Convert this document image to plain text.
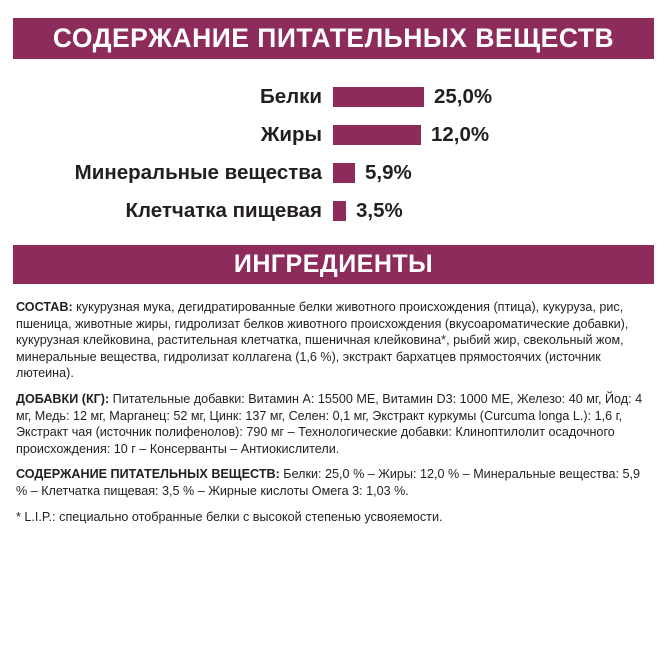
СОДЕРЖАНИЕ ПИТАТЕЛЬНЫХ ВЕЩЕСТВ
Белки	25,0%
Жиры	12,0%
Минеральные вещества	5,9%
Клетчатка пищевая	3,5%
ИНГРЕДИЕНТЫ
СОСТАВ: кукурузная мука, дегидратированные белки животного происхождения (птица), кукуруза, рис, пшеница, животные жиры, гидролизат белков животного происхождения (вкусоароматические добавки), кукурузная клейковина, растительная клетчатка, пшеничная клейковина*, рыбий жир, свекольный жом, минеральные вещества, гидролизат коллагена (1,6 %), экстракт бархатцев прямостоячих (источник лютеина).
ДОБАВКИ (КГ): Питательные добавки: Витамин А: 15500 МЕ, Витамин D3: 1000 МЕ, Железо: 40 мг, Йод: 4 мг, Медь: 12 мг, Марганец: 52 мг, Цинк: 137 мг, Селен: 0,1 мг, Экстракт куркумы (Curcuma longa L.): 1,6 г, Экстракт чая (источник полифенолов): 790 мг – Технологические добавки: Клиноптилолит осадочного происхождения: 10 г – Консерванты – Антиокислители.
СОДЕРЖАНИЕ ПИТАТЕЛЬНЫХ ВЕЩЕСТВ: Белки: 25,0 % – Жиры: 12,0 % – Минеральные вещества: 5,9 % – Клетчатка пищевая: 3,5 % – Жирные кислоты Омега 3: 1,03 %.
* L.I.P.: специально отобранные белки с высокой степенью усвояемости.
